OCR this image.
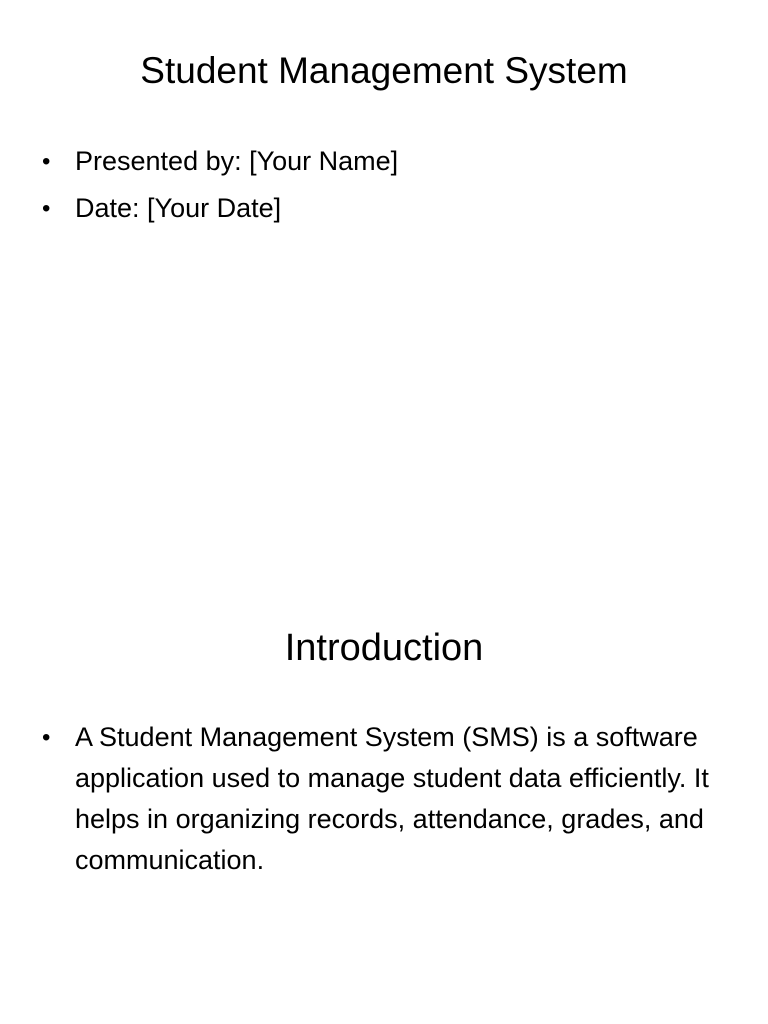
Student Management System
• Presented by: [Your Name]
• Date: [Your Date]
Introduction
• A Student Management System (SMS) is a software application used to manage student data efficiently. It helps in organizing records, attendance, grades, and communication.
